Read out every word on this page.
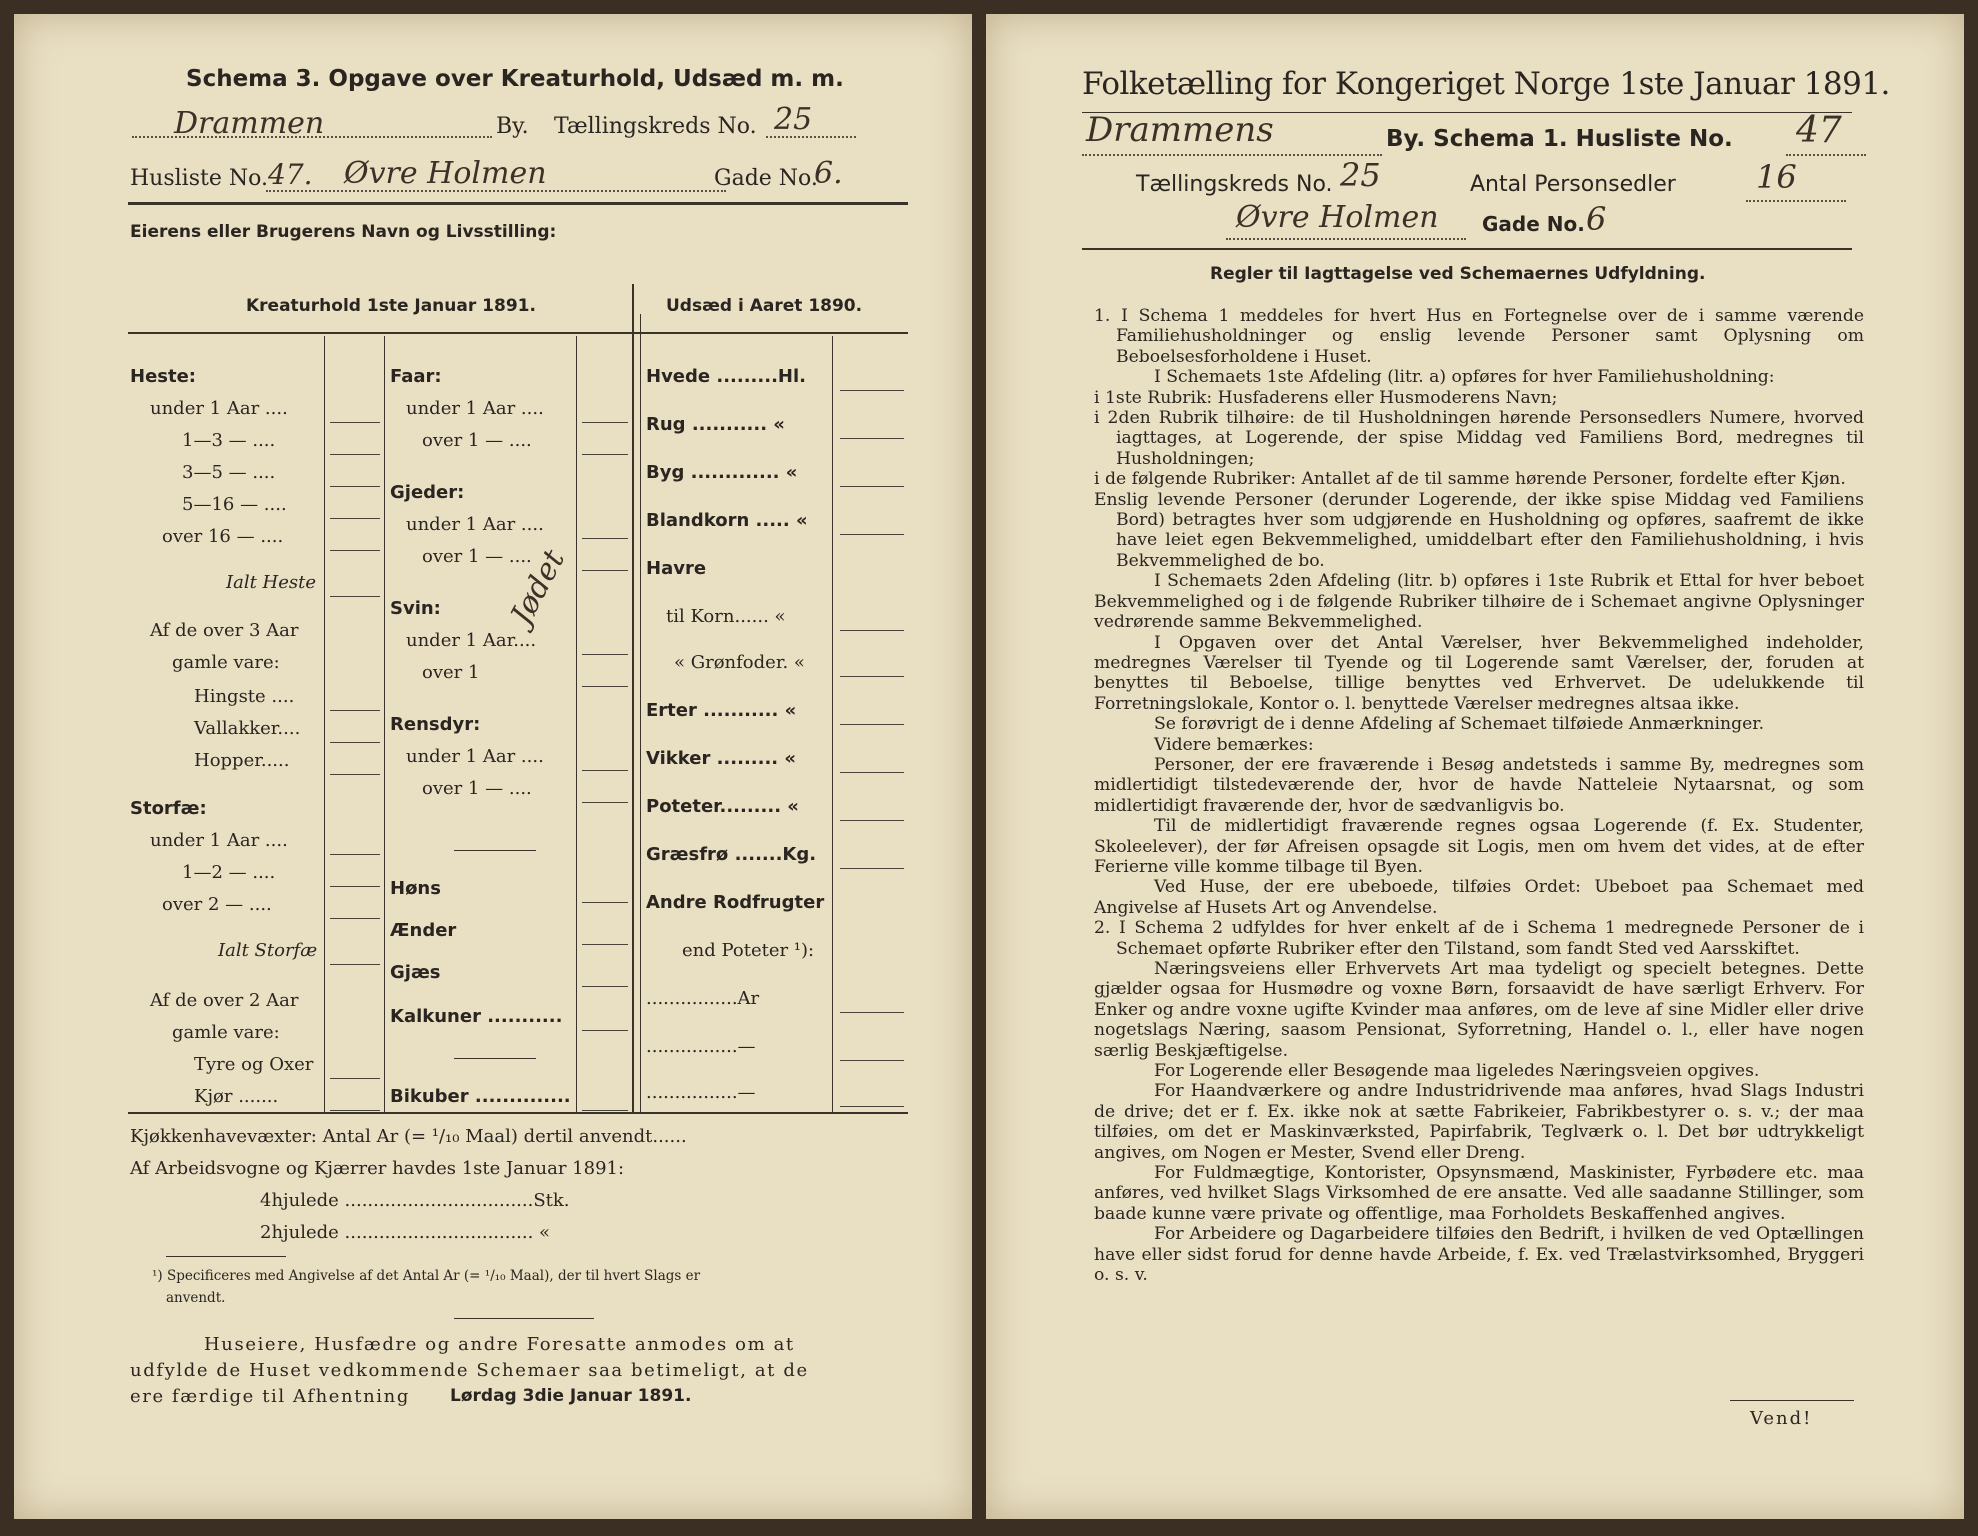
Schema 3. Opgave over Kreaturhold, Udsæd m. m.
Drammen	By. Tællingskreds No. 25
Husliste No. 47. Øvre Holmen	Gade No.
6.
Eierens eller Brugerens Navn og Livsstilling:
Kreaturhold 1ste Januar 1891.	Udsæd i Aaret 1890.
Heste:
under 1 Aar ....
1—3 — ....
3—5 — ....
5—16 — ....
over 16 — ....
Ialt Heste
Af de over 3 Aar
gamle vare:
Hingste ....
Vallakker....
Hopper.....
Storfæ:
under 1 Aar ....
1—2 — ....
over 2 — ....
Ialt Storfæ
Af de over 2 Aar
gamle vare:
Tyre og Oxer
Kjør .......
Faar:
under 1 Aar ....
over 1 — ....
Gjeder:
under 1 Aar ....
over 1 — ....
Svin:
under 1 Aar....
over 1
Jødet
Rensdyr:
under 1 Aar ....
over 1 — ....
Høns
Ænder
Gjæs
Kalkuner ...........
Bikuber ..............
Hvede .........Hl.
Rug ........... «
Byg ............. «
Blandkorn ..... «
Havre
til Korn...... «
« Grønfoder. «
Erter ........... «
Vikker ......... «
Poteter......... «
Græsfrø .......Kg.
Andre Rodfrugter
end Poteter ¹):
................Ar
................—
................—
Kjøkkenhavevæxter: Antal Ar (= ¹/₁₀ Maal) dertil anvendt......
Af Arbeidsvogne og Kjærrer havdes 1ste Januar 1891:
4hjulede .................................Stk.
2hjulede ................................. «
¹) Specificeres med Angivelse af det Antal Ar (= ¹/₁₀ Maal), der til hvert Slags er
anvendt.
Huseiere, Husfædre og andre Foresatte anmodes om at
udfylde de Huset vedkommende Schemaer saa betimeligt, at de
ere færdige til Afhentning Lørdag 3die Januar 1891.
Folketælling for Kongeriget Norge 1ste Januar 1891.
Drammens	By. Schema 1. Husliste No. 47
Tællingskreds No. 25	Antal Personsedler	16
Øvre Holmen Gade No. 6
Regler til Iagttagelse ved Schemaernes Udfyldning.

1. I Schema 1 meddeles for hvert Hus en Fortegnelse over de i samme værende Familiehusholdninger og enslig levende Personer samt Oplysning om Beboelsesforholdene i Huset.

I Schemaets 1ste Afdeling (litr. a) opføres for hver Familiehusholdning:

i 1ste Rubrik: Husfaderens eller Husmoderens Navn;

i 2den Rubrik tilhøire: de til Husholdningen hørende Personsedlers Numere, hvorved iagttages, at Logerende, der spise Middag ved Familiens Bord, medregnes til Husholdningen;

i de følgende Rubriker: Antallet af de til samme hørende Personer, fordelte efter Kjøn.

Enslig levende Personer (derunder Logerende, der ikke spise Middag ved Familiens Bord) betragtes hver som udgjørende en Husholdning og opføres, saafremt de ikke have leiet egen Bekvemmelighed, umiddelbart efter den Familiehusholdning, i hvis Bekvemmelighed de bo.

I Schemaets 2den Afdeling (litr. b) opføres i 1ste Rubrik et Ettal for hver beboet Bekvemmelighed og i de følgende Rubriker tilhøire de i Schemaet angivne Oplysninger vedrørende samme Bekvemmelighed.

I Opgaven over det Antal Værelser, hver Bekvemmelighed indeholder, medregnes Værelser til Tyende og til Logerende samt Værelser, der, foruden at benyttes til Beboelse, tillige benyttes ved Erhvervet. De udelukkende til Forretningslokale, Kontor o. l. benyttede Værelser medregnes altsaa ikke.

Se forøvrigt de i denne Afdeling af Schemaet tilføiede Anmærkninger.

Videre bemærkes:

Personer, der ere fraværende i Besøg andetsteds i samme By, medregnes som midlertidigt tilstedeværende der, hvor de havde Natteleie Nytaarsnat, og som midlertidigt fraværende der, hvor de sædvanligvis bo.

Til de midlertidigt fraværende regnes ogsaa Logerende (f. Ex. Studenter, Skoleelever), der før Afreisen opsagde sit Logis, men om hvem det vides, at de efter Ferierne ville komme tilbage til Byen.

Ved Huse, der ere ubeboede, tilføies Ordet: Ubeboet paa Schemaet med Angivelse af Husets Art og Anvendelse.

2. I Schema 2 udfyldes for hver enkelt af de i Schema 1 medregnede Personer de i Schemaet opførte Rubriker efter den Tilstand, som fandt Sted ved Aarsskiftet.

Næringsveiens eller Erhvervets Art maa tydeligt og specielt betegnes. Dette gjælder ogsaa for Husmødre og voxne Børn, forsaavidt de have særligt Erhverv. For Enker og andre voxne ugifte Kvinder maa anføres, om de leve af sine Midler eller drive nogetslags Næring, saasom Pensionat, Syforretning, Handel o. l., eller have nogen særlig Beskjæftigelse.

For Logerende eller Besøgende maa ligeledes Næringsveien opgives.

For Haandværkere og andre Industridrivende maa anføres, hvad Slags Industri de drive; det er f. Ex. ikke nok at sætte Fabrikeier, Fabrikbestyrer o. s. v.; der maa tilføies, om det er Maskinværksted, Papirfabrik, Teglværk o. l. Det bør udtrykkeligt angives, om Nogen er Mester, Svend eller Dreng.

For Fuldmægtige, Kontorister, Opsynsmænd, Maskinister, Fyrbødere etc. maa anføres, ved hvilket Slags Virksomhed de ere ansatte. Ved alle saadanne Stillinger, som baade kunne være private og offentlige, maa Forholdets Beskaffenhed angives.

For Arbeidere og Dagarbeidere tilføies den Bedrift, i hvilken de ved Optællingen have eller sidst forud for denne havde Arbeide, f. Ex. ved Trælastvirksomhed, Bryggeri o. s. v.

Vend!
